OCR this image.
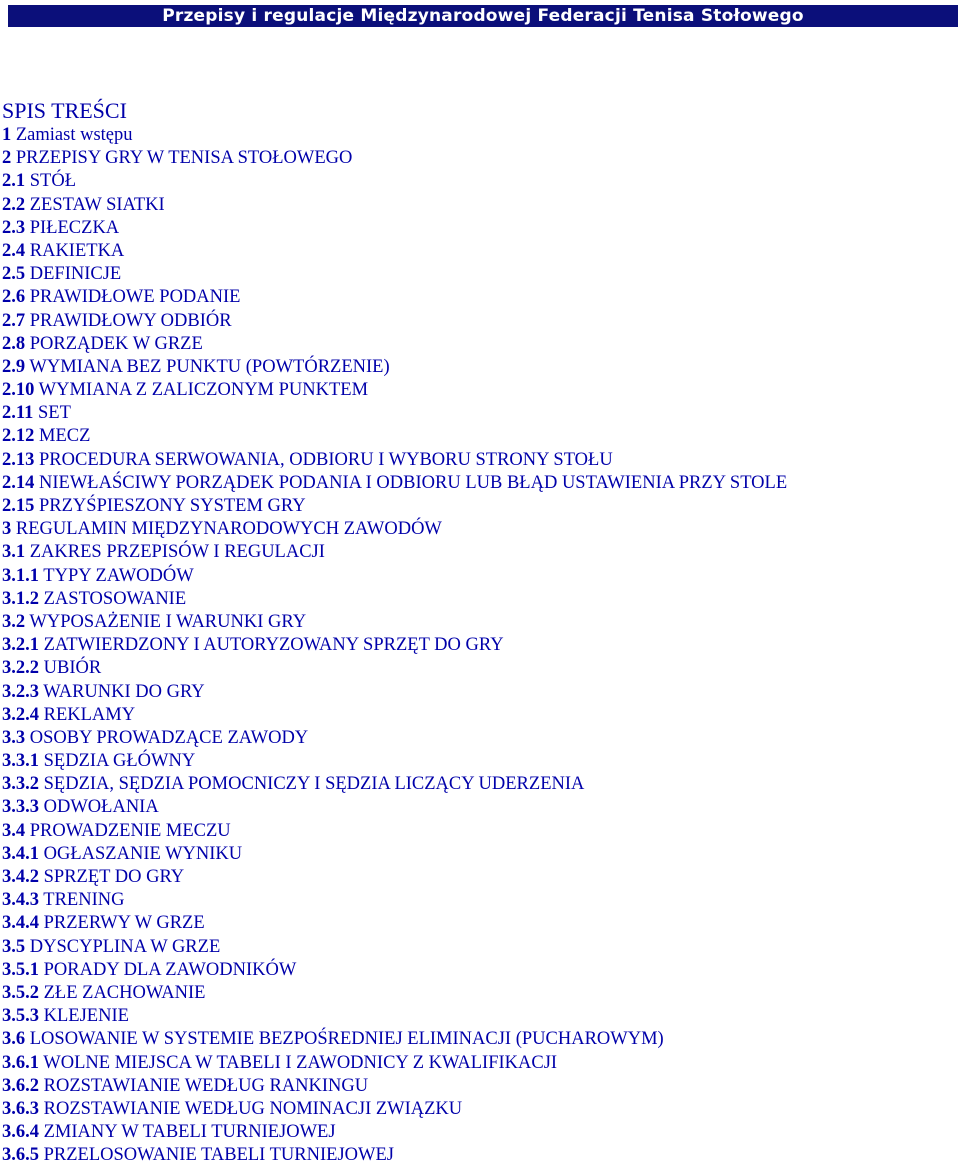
Przepisy i regulacje Międzynarodowej Federacji Tenisa Stołowego
SPIS TREŚCI
1 Zamiast wstępu
2 PRZEPISY GRY W TENISA STOŁOWEGO
2.1 STÓŁ
2.2 ZESTAW SIATKI
2.3 PIŁECZKA
2.4 RAKIETKA
2.5 DEFINICJE
2.6 PRAWIDŁOWE PODANIE
2.7 PRAWIDŁOWY ODBIÓR
2.8 PORZĄDEK W GRZE
2.9 WYMIANA BEZ PUNKTU (POWTÓRZENIE)
2.10 WYMIANA Z ZALICZONYM PUNKTEM
2.11 SET
2.12 MECZ
2.13 PROCEDURA SERWOWANIA, ODBIORU I WYBORU STRONY STOŁU
2.14 NIEWŁAŚCIWY PORZĄDEK PODANIA I ODBIORU LUB BŁĄD USTAWIENIA PRZY STOLE
2.15 PRZYŚPIESZONY SYSTEM GRY
3 REGULAMIN MIĘDZYNARODOWYCH ZAWODÓW
3.1 ZAKRES PRZEPISÓW I REGULACJI
3.1.1 TYPY ZAWODÓW
3.1.2 ZASTOSOWANIE
3.2 WYPOSAŻENIE I WARUNKI GRY
3.2.1 ZATWIERDZONY I AUTORYZOWANY SPRZĘT DO GRY
3.2.2 UBIÓR
3.2.3 WARUNKI DO GRY
3.2.4 REKLAMY
3.3 OSOBY PROWADZĄCE ZAWODY
3.3.1 SĘDZIA GŁÓWNY
3.3.2 SĘDZIA, SĘDZIA POMOCNICZY I SĘDZIA LICZĄCY UDERZENIA
3.3.3 ODWOŁANIA
3.4 PROWADZENIE MECZU
3.4.1 OGŁASZANIE WYNIKU
3.4.2 SPRZĘT DO GRY
3.4.3 TRENING
3.4.4 PRZERWY W GRZE
3.5 DYSCYPLINA W GRZE
3.5.1 PORADY DLA ZAWODNIKÓW
3.5.2 ZŁE ZACHOWANIE
3.5.3 KLEJENIE
3.6 LOSOWANIE W SYSTEMIE BEZPOŚREDNIEJ ELIMINACJI (PUCHAROWYM)
3.6.1 WOLNE MIEJSCA W TABELI I ZAWODNICY Z KWALIFIKACJI
3.6.2 ROZSTAWIANIE WEDŁUG RANKINGU
3.6.3 ROZSTAWIANIE WEDŁUG NOMINACJI ZWIĄZKU
3.6.4 ZMIANY W TABELI TURNIEJOWEJ
3.6.5 PRZELOSOWANIE TABELI TURNIEJOWEJ
